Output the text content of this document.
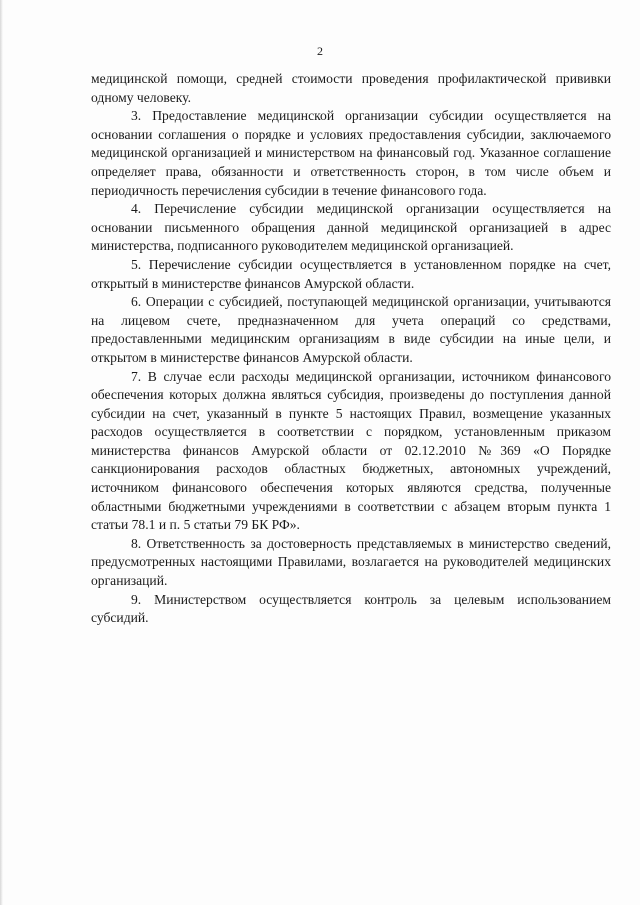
2

медицинской помощи, средней стоимости проведения профилактической прививки одному человеку.

3. Предоставление медицинской организации субсидии осуществляется на основании соглашения о порядке и условиях предоставления субсидии, заключаемого медицинской организацией и министерством на финансовый год. Указанное соглашение определяет права, обязанности и ответственность сторон, в том числе объем и периодичность перечисления субсидии в течение финансового года.

4. Перечисление субсидии медицинской организации осуществляется на основании письменного обращения данной медицинской организацией в адрес министерства, подписанного руководителем медицинской организацией.

5. Перечисление субсидии осуществляется в установленном порядке на счет, открытый в министерстве финансов Амурской области.

6. Операции с субсидией, поступающей медицинской организации, учитываются на лицевом счете, предназначенном для учета операций со средствами, предоставленными медицинским организациям в виде субсидии на иные цели, и открытом в министерстве финансов Амурской области.

7. В случае если расходы медицинской организации, источником финансового обеспечения которых должна являться субсидия, произведены до поступления данной субсидии на счет, указанный в пункте 5 настоящих Правил, возмещение указанных расходов осуществляется в соответствии с порядком, установленным приказом министерства финансов Амурской области от 02.12.2010 №369 «О Порядке санкционирования расходов областных бюджетных, автономных учреждений, источником финансового обеспечения которых являются средства, полученные областными бюджетными учреждениями в соответствии с абзацем вторым пункта 1 статьи 78.1 и п. 5 статьи 79 БК РФ».

8. Ответственность за достоверность представляемых в министерство сведений, предусмотренных настоящими Правилами, возлагается на руководителей медицинских организаций.

9. Министерством осуществляется контроль за целевым использованием субсидий.
